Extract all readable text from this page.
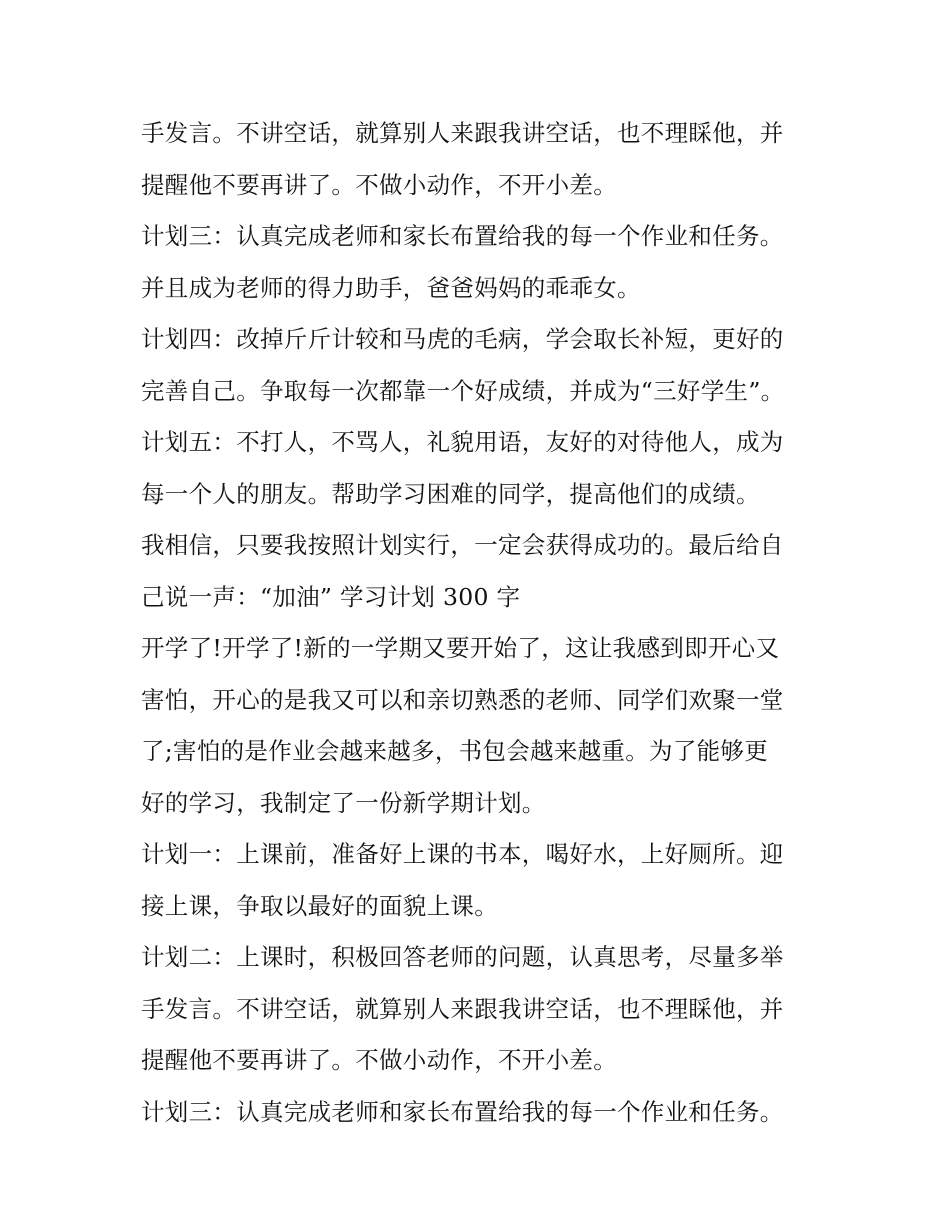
手发言。不讲空话，就算别人来跟我讲空话，也不理睬他，并
提醒他不要再讲了。不做小动作，不开小差。
计划三：认真完成老师和家长布置给我的每一个作业和任务。
并且成为老师的得力助手，爸爸妈妈的乖乖女。
计划四：改掉斤斤计较和马虎的毛病，学会取长补短，更好的
完善自己。争取每一次都靠一个好成绩，并成为“三好学生”。
计划五：不打人，不骂人，礼貌用语，友好的对待他人，成为
每一个人的朋友。帮助学习困难的同学，提高他们的成绩。
我相信，只要我按照计划实行，一定会获得成功的。最后给自
己说一声：“加油” 学习计划 300 字
开学了!开学了!新的一学期又要开始了，这让我感到即开心又
害怕，开心的是我又可以和亲切熟悉的老师、同学们欢聚一堂
了;害怕的是作业会越来越多，书包会越来越重。为了能够更
好的学习，我制定了一份新学期计划。
计划一：上课前，准备好上课的书本，喝好水，上好厕所。迎
接上课，争取以最好的面貌上课。
计划二：上课时，积极回答老师的问题，认真思考，尽量多举
手发言。不讲空话，就算别人来跟我讲空话，也不理睬他，并
提醒他不要再讲了。不做小动作，不开小差。
计划三：认真完成老师和家长布置给我的每一个作业和任务。
